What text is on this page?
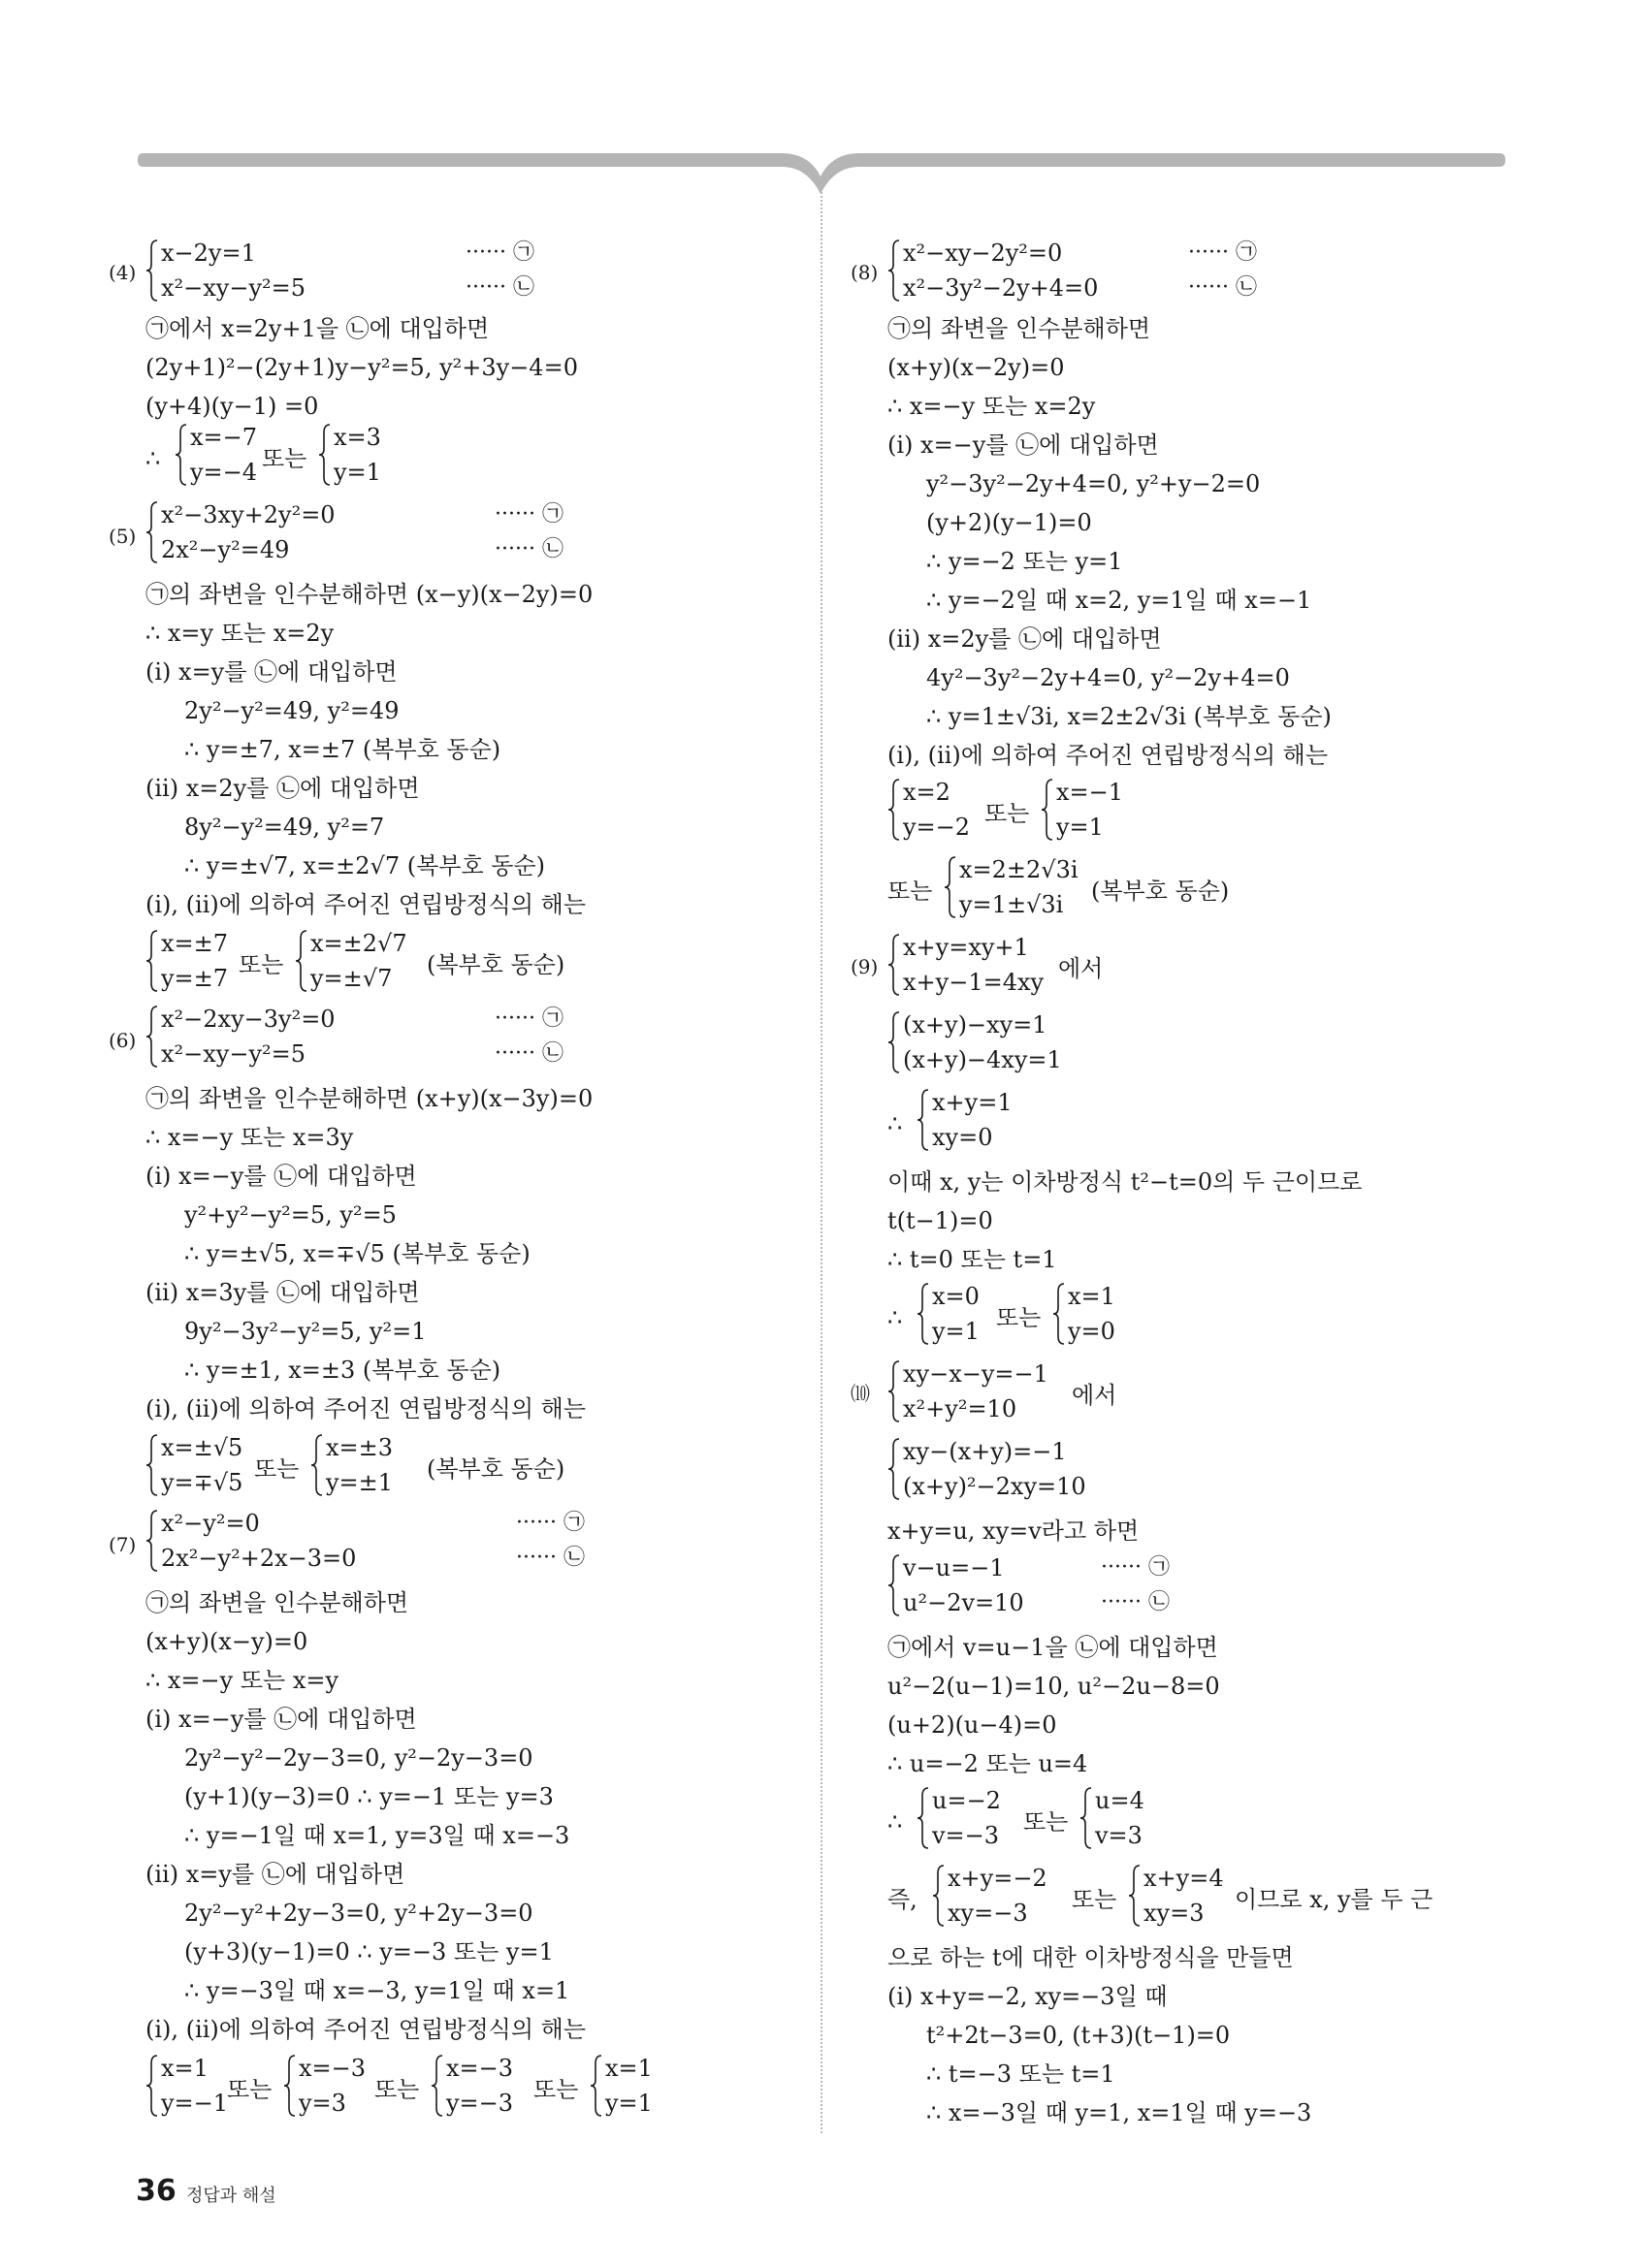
(4)
x−2y=1
x²−xy−y²=5
······ ㉠
······ ㉡
㉠에서 x=2y+1을 ㉡에 대입하면
(2y+1)²−(2y+1)y−y²=5, y²+3y−4=0
(y+4)(y−1) =0
∴
x=−7
y=−4 또는
x=3
y=1
(5)
x²−3xy+2y²=0
2x²−y²=49
······ ㉠
······ ㉡
㉠의 좌변을 인수분해하면 (x−y)(x−2y)=0
∴ x=y 또는 x=2y
(ⅰ) x=y를 ㉡에 대입하면
2y²−y²=49, y²=49
∴ y=±7, x=±7 (복부호 동순)
(ⅱ) x=2y를 ㉡에 대입하면
8y²−y²=49, y²=7
∴ y=±√7, x=±2√7 (복부호 동순)
(ⅰ), (ⅱ)에 의하여 주어진 연립방정식의 해는
x=±7
y=±7 또는
x=±2√7
y=±√7 (복부호 동순)
(6)
x²−2xy−3y²=0
x²−xy−y²=5
······ ㉠
······ ㉡
㉠의 좌변을 인수분해하면 (x+y)(x−3y)=0
∴ x=−y 또는 x=3y
(ⅰ) x=−y를 ㉡에 대입하면
y²+y²−y²=5, y²=5
∴ y=±√5, x=∓√5 (복부호 동순)
(ⅱ) x=3y를 ㉡에 대입하면
9y²−3y²−y²=5, y²=1
∴ y=±1, x=±3 (복부호 동순)
(ⅰ), (ⅱ)에 의하여 주어진 연립방정식의 해는
x=±√5
y=∓√5 또는
x=±3
y=±1 (복부호 동순)
(7)
x²−y²=0
2x²−y²+2x−3=0
······ ㉠
······ ㉡
㉠의 좌변을 인수분해하면
(x+y)(x−y)=0
∴ x=−y 또는 x=y
(ⅰ) x=−y를 ㉡에 대입하면
2y²−y²−2y−3=0, y²−2y−3=0
(y+1)(y−3)=0 ∴ y=−1 또는 y=3
∴ y=−1일 때 x=1, y=3일 때 x=−3
(ⅱ) x=y를 ㉡에 대입하면
2y²−y²+2y−3=0, y²+2y−3=0
(y+3)(y−1)=0 ∴ y=−3 또는 y=1
∴ y=−3일 때 x=−3, y=1일 때 x=1
(ⅰ), (ⅱ)에 의하여 주어진 연립방정식의 해는
x=1
y=−1
또는
x=−3
y=3 또는
x=−3
y=−3 또는
x=1
y=1
(8)
x²−xy−2y²=0
x²−3y²−2y+4=0
······ ㉠
······ ㉡
㉠의 좌변을 인수분해하면
(x+y)(x−2y)=0
∴ x=−y 또는 x=2y
(ⅰ) x=−y를 ㉡에 대입하면
y²−3y²−2y+4=0, y²+y−2=0
(y+2)(y−1)=0
∴ y=−2 또는 y=1
∴ y=−2일 때 x=2, y=1일 때 x=−1
(ⅱ) x=2y를 ㉡에 대입하면
4y²−3y²−2y+4=0, y²−2y+4=0
∴ y=1±√3i, x=2±2√3i (복부호 동순)
(ⅰ), (ⅱ)에 의하여 주어진 연립방정식의 해는
x=2
y=−2 또는
x=−1
y=1
또는
x=2±2√3i
y=1±√3i (복부호 동순)
(9)
x+y=xy+1
x+y−1=4xy 에서
(x+y)−xy=1
(x+y)−4xy=1
∴
x+y=1
xy=0
이때 x, y는 이차방정식 t²−t=0의 두 근이므로
t(t−1)=0
∴ t=0 또는 t=1
∴
x=0
y=1 또는
x=1
y=0
⑽
xy−x−y=−1
x²+y²=10 에서
xy−(x+y)=−1
(x+y)²−2xy=10
x+y=u, xy=v라고 하면
v−u=−1
u²−2v=10
······ ㉠
······ ㉡
㉠에서 v=u−1을 ㉡에 대입하면
u²−2(u−1)=10, u²−2u−8=0
(u+2)(u−4)=0
∴ u=−2 또는 u=4
∴
u=−2
v=−3 또는
u=4
v=3
즉,
x+y=−2
xy=−3 또는
x+y=4
xy=3 이므로 x, y를 두 근
으로 하는 t에 대한 이차방정식을 만들면
(ⅰ) x+y=−2, xy=−3일 때
t²+2t−3=0, (t+3)(t−1)=0
∴ t=−3 또는 t=1
∴ x=−3일 때 y=1, x=1일 때 y=−3
36 정답과 해설
